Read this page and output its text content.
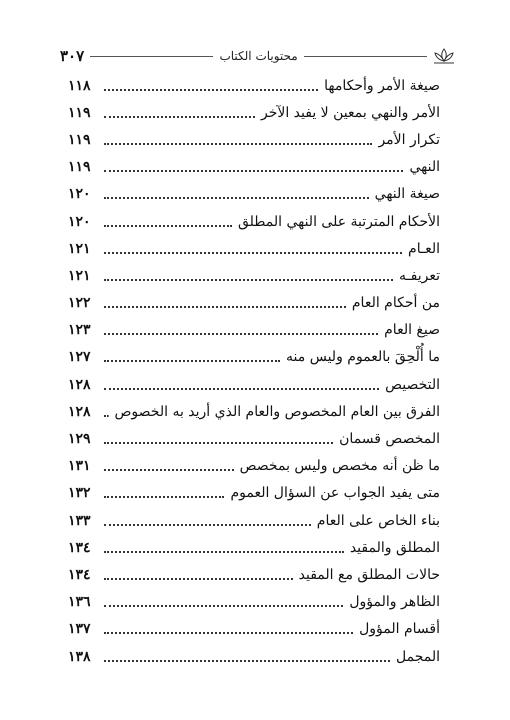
محتويات الكتاب
٣٠٧
صيغة الأمر وأحكامها
١١٨
الأمر والنهي بمعين لا يفيد الآخر
١١٩
تكرار الأمر
١١٩
النهي
١١٩
صيغة النهي
١٢٠
الأحكام المترتبة على النهي المطلق
١٢٠
العـام
١٢١
تعريفـه
١٢١
من أحكام العام
١٢٢
صيغ العام
١٢٣
ما أُلْحِقَ بالعموم وليس منه
١٢٧
التخصيص
١٢٨
الفرق بين العام المخصوص والعام الذي أريد به الخصوص
١٢٨
المخصص قسمان
١٢٩
ما ظن أنه مخصص وليس بمخصص
١٣١
متى يفيد الجواب عن السؤال العموم
١٣٢
بناء الخاص على العام
١٣٣
المطلق والمقيد
١٣٤
حالات المطلق مع المقيد
١٣٤
الظاهر والمؤول
١٣٦
أقسام المؤول
١٣٧
المجمل
١٣٨
